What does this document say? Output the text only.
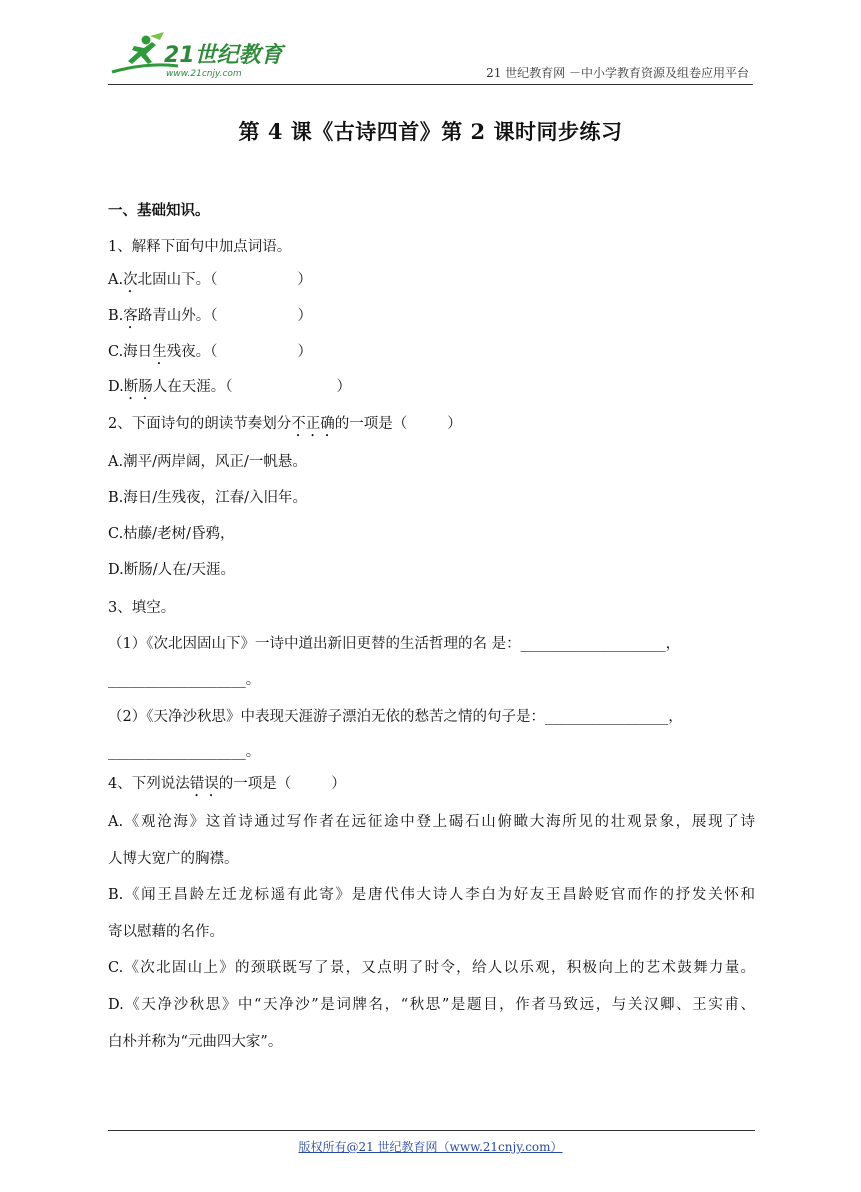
21世纪教育
www.21cnjy.com	21 世纪教育网 －中小学教育资源及组卷应用平台
第 4 课《古诗四首》第 2 课时同步练习
一、基础知识。
1、解释下面句中加点词语。
A.次北固山下。（	）
B.客路青山外。（	）
C.海日生残夜。（	）
D.断肠人在天涯。（	）
2、下面诗句的朗读节奏划分不正确的一项是（	）
A.潮平/两岸阔，风正/一帆悬。
B.海日/生残夜，江春/入旧年。
C.枯藤/老树/昏鸦，
D.断肠/人在/天涯。
3、填空。
（1）《次北因固山下》一诗中道出新旧更替的生活哲理的名 是：____________________，
___________________。
（2）《天净沙秋思》中表现天涯游子漂泊无依的愁苦之情的句子是：_________________，
___________________。
4、下列说法错误的一项是（	）
A.《观沧海》这首诗通过写作者在远征途中登上碣石山俯瞰大海所见的壮观景象，展现了诗
人博大宽广的胸襟。
B.《闻王昌龄左迁龙标遥有此寄》是唐代伟大诗人李白为好友王昌龄贬官而作的抒发关怀和
寄以慰藉的名作。
C.《次北固山上》的颈联既写了景，又点明了时令，给人以乐观，积极向上的艺术鼓舞力量。
D.《天净沙秋思》中“天净沙”是词牌名，“秋思”是题目，作者马致远，与关汉卿、王实甫、
白朴并称为“元曲四大家”。
版权所有@21 世纪教育网（www.21cnjy.com）
